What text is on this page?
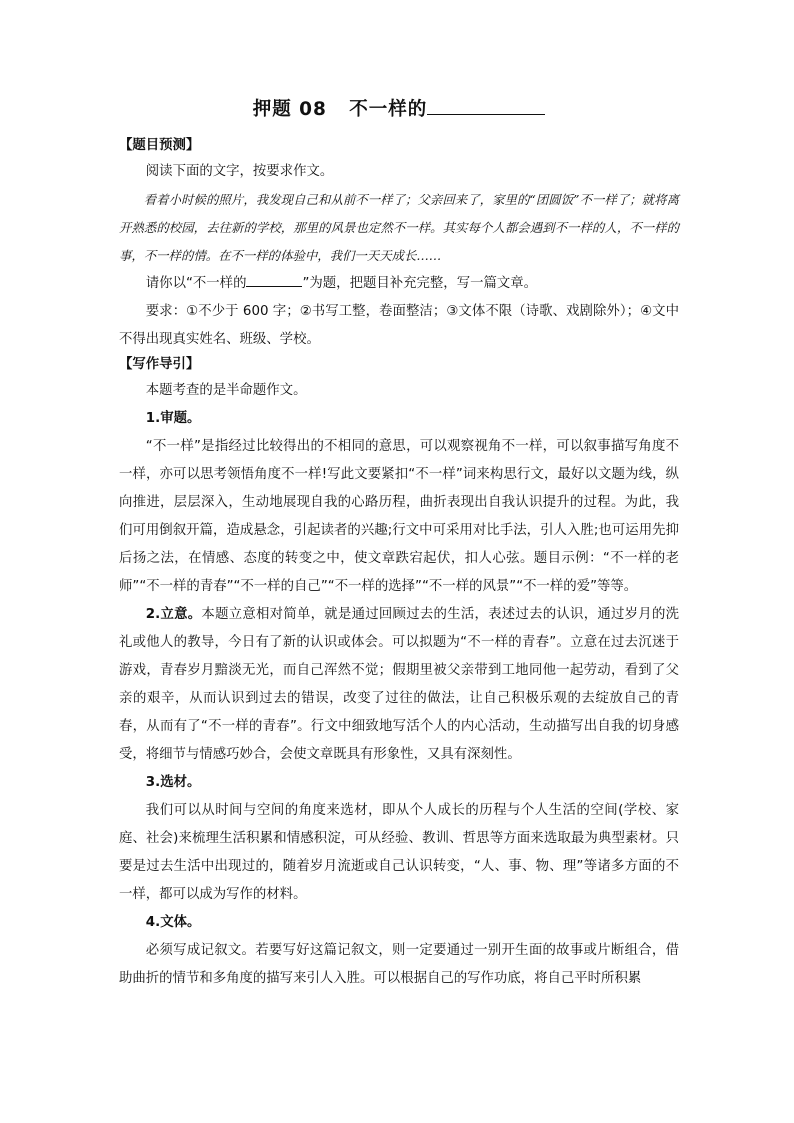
押题 08 不一样的
【题目预测】

阅读下面的文字，按要求作文。

看着小时候的照片，我发现自己和从前不一样了；父亲回来了，家里的“团圆饭”不一样了；就将离开熟悉的校园，去往新的学校，那里的风景也定然不一样。其实每个人都会遇到不一样的人，不一样的事，不一样的情。在不一样的体验中，我们一天天成长……

请你以“不一样的	”为题，把题目补充完整，写一篇文章。

要求：①不少于 600 字；②书写工整，卷面整洁；③文体不限（诗歌、戏剧除外）；④文中不得出现真实姓名、班级、学校。

【写作导引】

本题考查的是半命题作文。

1.审题。

“不一样”是指经过比较得出的不相同的意思，可以观察视角不一样，可以叙事描写角度不一样，亦可以思考领悟角度不一样!写此文要紧扣“不一样”词来构思行文，最好以文题为线，纵向推进，层层深入，生动地展现自我的心路历程，曲折表现出自我认识提升的过程。为此，我们可用倒叙开篇，造成悬念，引起读者的兴趣;行文中可采用对比手法，引人入胜;也可运用先抑后扬之法，在情感、态度的转变之中，使文章跌宕起伏，扣人心弦。题目示例：“不一样的老师”“不一样的青春”“不一样的自己”“不一样的选择”“不一样的风景”“不一样的爱”等等。

2.立意。本题立意相对简单，就是通过回顾过去的生活，表述过去的认识，通过岁月的洗礼或他人的教导，今日有了新的认识或体会。可以拟题为“不一样的青春”。立意在过去沉迷于游戏，青春岁月黯淡无光，而自己浑然不觉；假期里被父亲带到工地同他一起劳动，看到了父亲的艰辛，从而认识到过去的错误，改变了过往的做法，让自己积极乐观的去绽放自己的青春，从而有了“不一样的青春”。行文中细致地写活个人的内心活动，生动描写出自我的切身感受，将细节与情感巧妙合，会使文章既具有形象性，又具有深刻性。

3.选材。

我们可以从时间与空间的角度来选材，即从个人成长的历程与个人生活的空间(学校、家庭、社会)来梳理生活积累和情感积淀，可从经验、教训、哲思等方面来选取最为典型素材。只要是过去生活中出现过的，随着岁月流逝或自己认识转变，“人、事、物、理”等诸多方面的不一样，都可以成为写作的材料。

4.文体。

必须写成记叙文。若要写好这篇记叙文，则一定要通过一别开生面的故事或片断组合，借助曲折的情节和多角度的描写来引人入胜。可以根据自己的写作功底，将自己平时所积累
